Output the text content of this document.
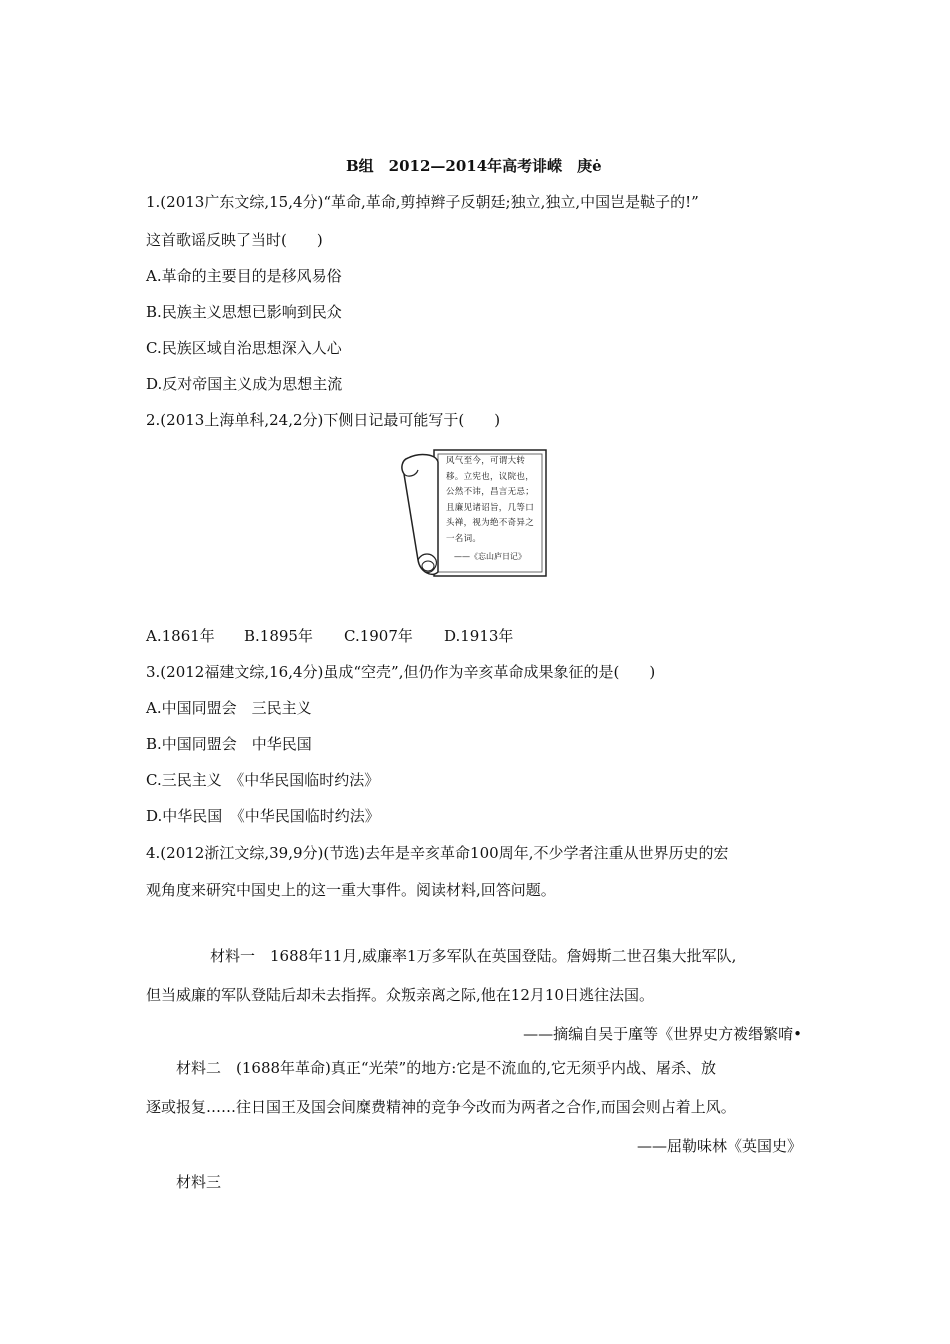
B组　2012—2014年高考诽嵘　庚ė
1.(2013广东文综,15,4分)“革命,革命,剪掉辫子反朝廷;独立,独立,中国岂是鞑子的!”
这首歌谣反映了当时(　　)
A.革命的主要目的是移风易俗
B.民族主义思想已影响到民众
C.民族区域自治思想深入人心
D.反对帝国主义成为思想主流
2.(2013上海单科,24,2分)下侧日记最可能写于(　　)
风气至今，可谓大转移。立宪也，议院也，公然不讳，昌言无忌；且廉见诸诏旨，几等口头禅，视为绝不奇异之一名词。
——《忘山庐日记》
A.1861年 B.1895年 C.1907年 D.1913年
3.(2012福建文综,16,4分)虽成“空壳”,但仍作为辛亥革命成果象征的是(　　)
A.中国同盟会　三民主义
B.中国同盟会　中华民国
C.三民主义　《中华民国临时约法》
D.中华民国　《中华民国临时约法》
4.(2012浙江文综,39,9分)(节选)去年是辛亥革命100周年,不少学者注重从世界历史的宏
观角度来研究中国史上的这一重大事件。阅读材料,回答问题。
材料一　1688年11月,威廉率1万多军队在英国登陆。詹姆斯二世召集大批军队,
但当威廉的军队登陆后却未去指挥。众叛亲离之际,他在12月10日逃往法国。
——摘编自吴于廑等《世界史方袯缗繁唷•
材料二　(1688年革命)真正“光荣”的地方:它是不流血的,它无须乎内战、屠杀、放
逐或报复……往日国王及国会间糜费精神的竞争今改而为两者之合作,而国会则占着上风。
——屈勒味林《英国史》
材料三
